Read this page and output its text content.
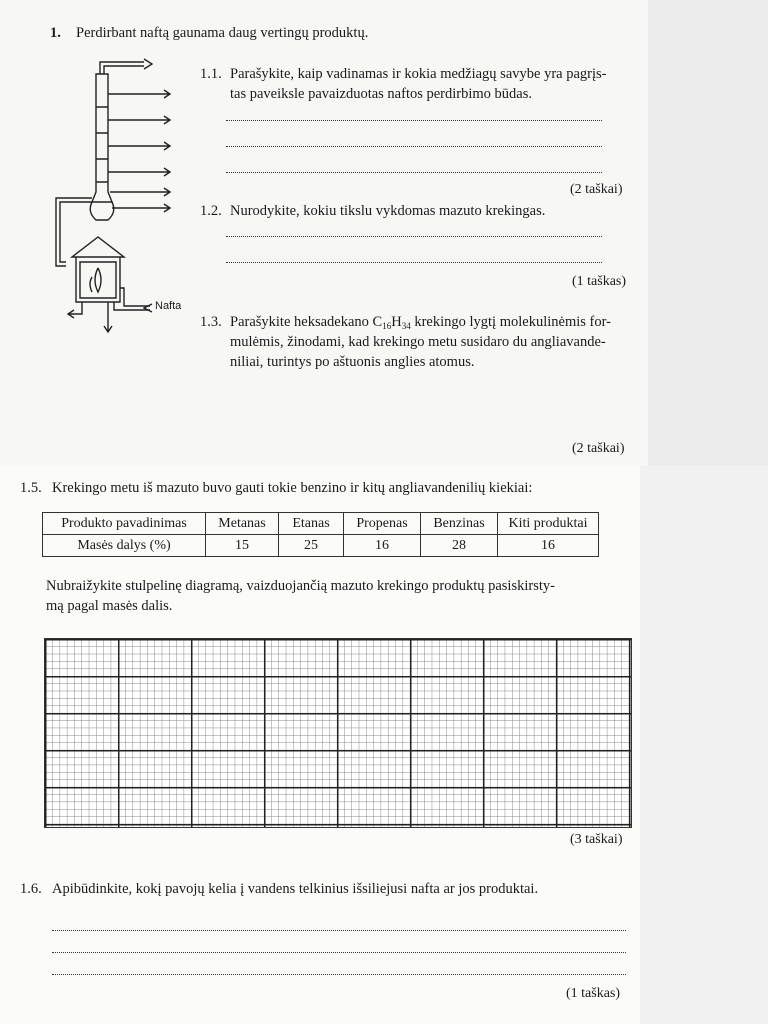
1. Perdirbant naftą gaunama daug vertingų produktų.
Nafta
1.1. Parašykite, kaip vadinamas ir kokia medžiagų savybe yra pagrįs-
tas paveiksle pavaizduotas naftos perdirbimo būdas.
(2 taškai)
1.2. Nurodykite, kokiu tikslu vykdomas mazuto krekingas.
(1 taškas)
1.3. Parašykite heksadekano $C_{16}H_{34}$ krekingo lygtį molekulinėmis for-
mulėmis, žinodami, kad krekingo metu susidaro du angliavande-
niliai, turintys po aštuonis anglies atomus.
(2 taškai)
1.5. Krekingo metu iš mazuto buvo gauti tokie benzino ir kitų angliavandenilių kiekiai:
Produkto pavadinimas	Metanas	Etanas	Propenas	Benzinas	Kiti produktai
Masės dalys (%)	15	25	16	28	16
Nubraižykite stulpelinę diagramą, vaizduojančią mazuto krekingo produktų pasiskirsty-
mą pagal masės dalis.
(3 taškai)
1.6. Apibūdinkite, kokį pavojų kelia į vandens telkinius išsiliejusi nafta ar jos produktai.
(1 taškas)
